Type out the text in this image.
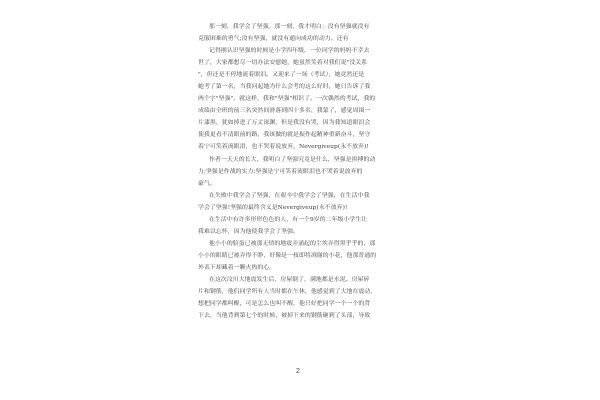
那一刻，我学会了坚强。那一刻，我才明白：没有坚强就没有
克服困难的勇气;没有坚强，就没有通向成功的动力。还有
记得刚认识坚强的时候是小学四年级，一位同学的妈妈不幸去
世了，大家都想尽一切办法安慰她，她虽然笑着对我们说"没关系
"，但还是不停地流着眼泪。又迎来了一场（考试），她竟然还是
她考了第一名，当我问起她为什么会考的这么好时，她只告诉了我
两个字"坚强"。就这样，我和"坚强"相识了。一次偶然的考试，我的
成绩由全班的前三名突然间滑落到四十多名，我蒙了，感觉周围一
片漆黑，犹如掉进了万丈深渊，但是我没有哭，因为我知道眼泪会
使我更看不清眼前的路，我该做的就是振作起精神重新奋斗，坚守
着宁可笑着流眼泪，也不哭着说放弃，Nevergiveup(永不放弃)!
作者一天天的长大，我明白了坚强究竟是什么，坚强是拼搏的动
力;坚强是作战的实力;坚强是宁可笑着流眼泪也不哭着说放弃的
豪气。
在失败中我学会了坚强，在艰辛中我学会了坚强，在生活中我
学会了坚强!坚强的最终含义是Nevergiveup(永不放弃)!
在生活中有许多形形色色的人，有一个9岁的二年级小学生让
我难以忘怀，因为他使我学会了坚强。
他小小的脸蛋已被那无情的地震弄涌起的尘埃弄得黑乎乎的，那
小小的眼睛已被弄得不睁，好像是一枝即将凋谢的小花，他那普通的
外表下却藏着一颗火热的心。
在这次汶川大地震发生后，房屋倒了，满地都是水泥、房屋碎
片和钢筋，他们同学所有人当时都在午休，他感觉到了大地在震动，
想把同学都叫醒，可是怎么也叫不醒，他只好把同学一个一个的背
下去，当他背到第七个的时候，被掉下来的钢筋砸到了头部，导致
2
